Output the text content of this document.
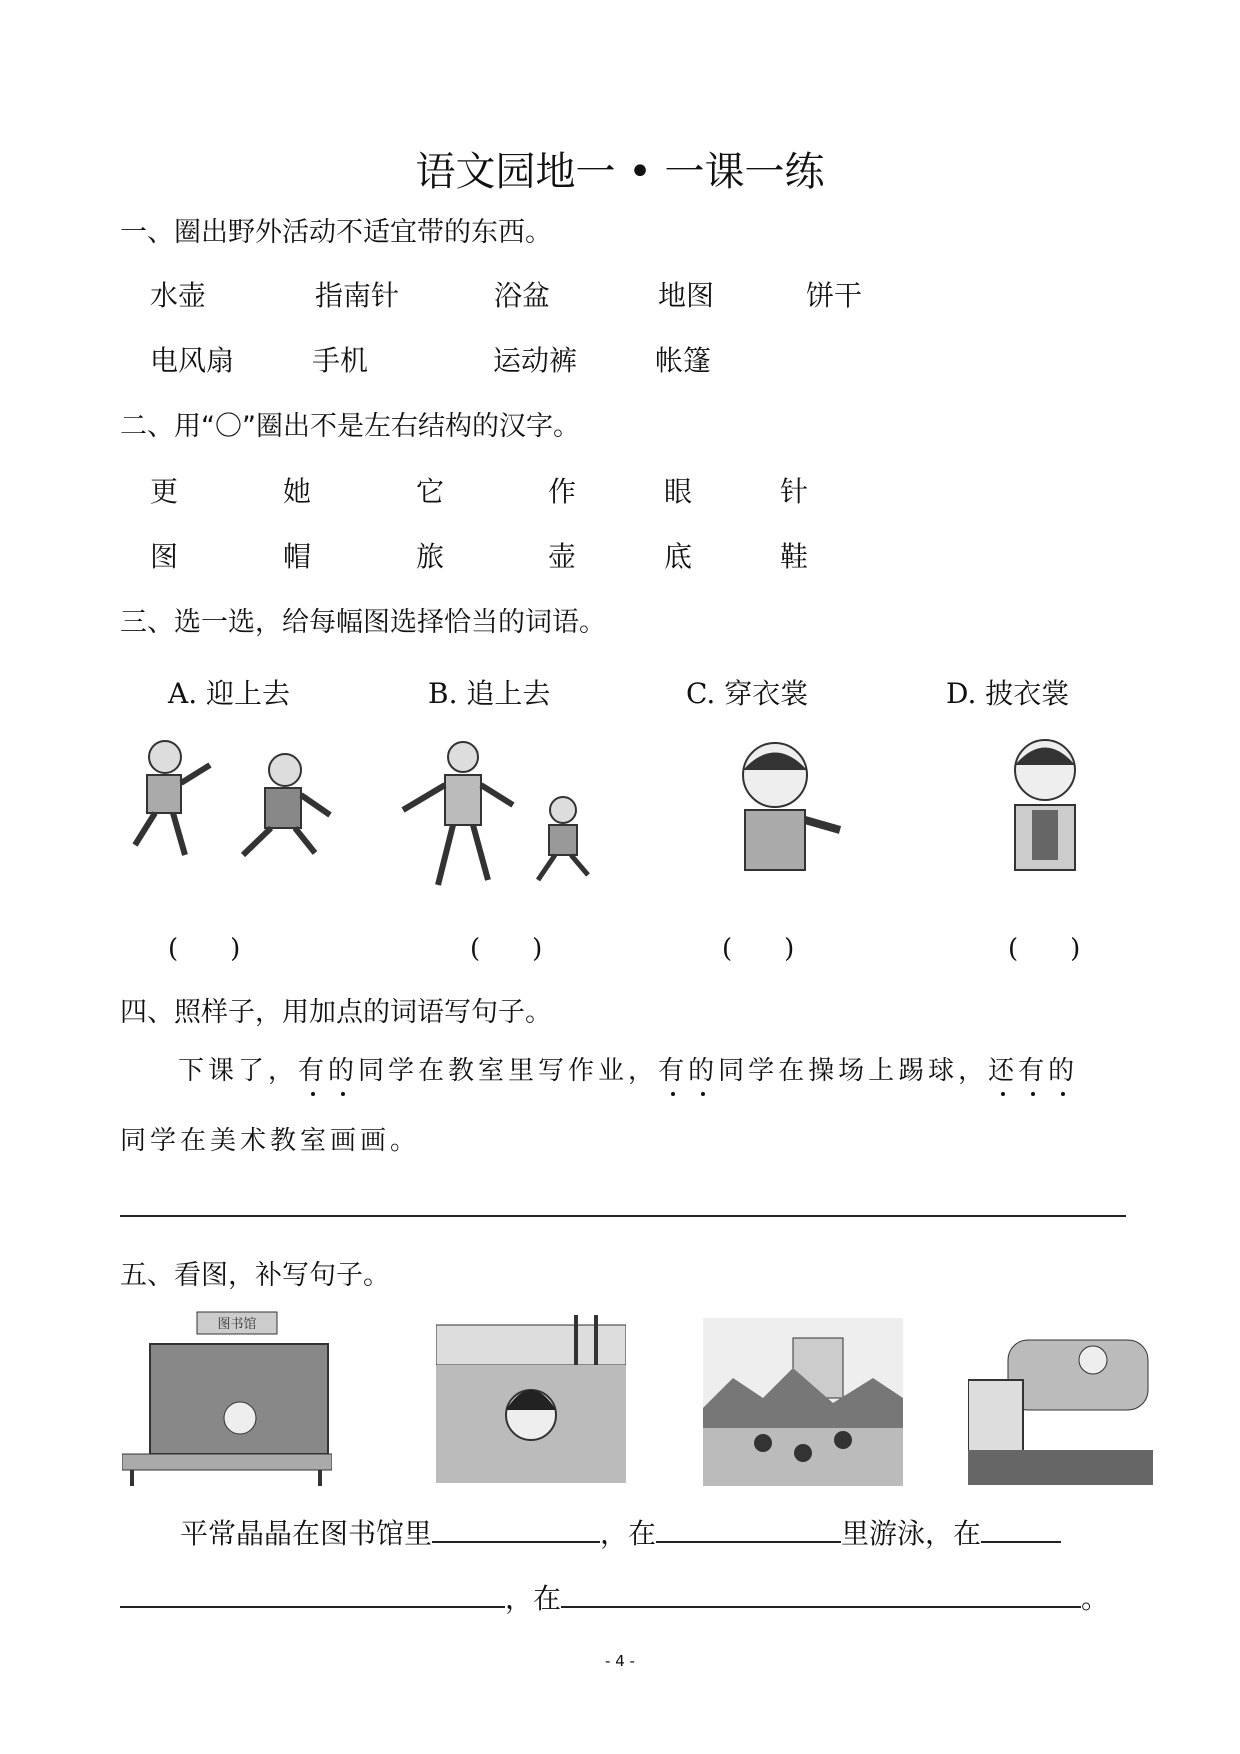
语文园地一 • 一课一练
一、圈出野外活动不适宜带的东西。
水壶	指南针	浴盆	地图	饼干
电风扇	手机	运动裤	帐篷
二、用“〇”圈出不是左右结构的汉字。
更	她	它	作	眼	针
图	帽	旅	壶	底	鞋
三、选一选，给每幅图选择恰当的词语。
A. 迎上去	B. 追上去	C. 穿衣裳	D. 披衣裳
(　　)	(　　)	(　　)	(　　)
四、照样子，用加点的词语写句子。
下课了，有的同学在教室里写作业，有的同学在操场上踢球，还有的
同学在美术教室画画。
五、看图，补写句子。
图书馆
平常晶晶在图书馆里	，在	里游泳，在
，在	。
- 4 -
